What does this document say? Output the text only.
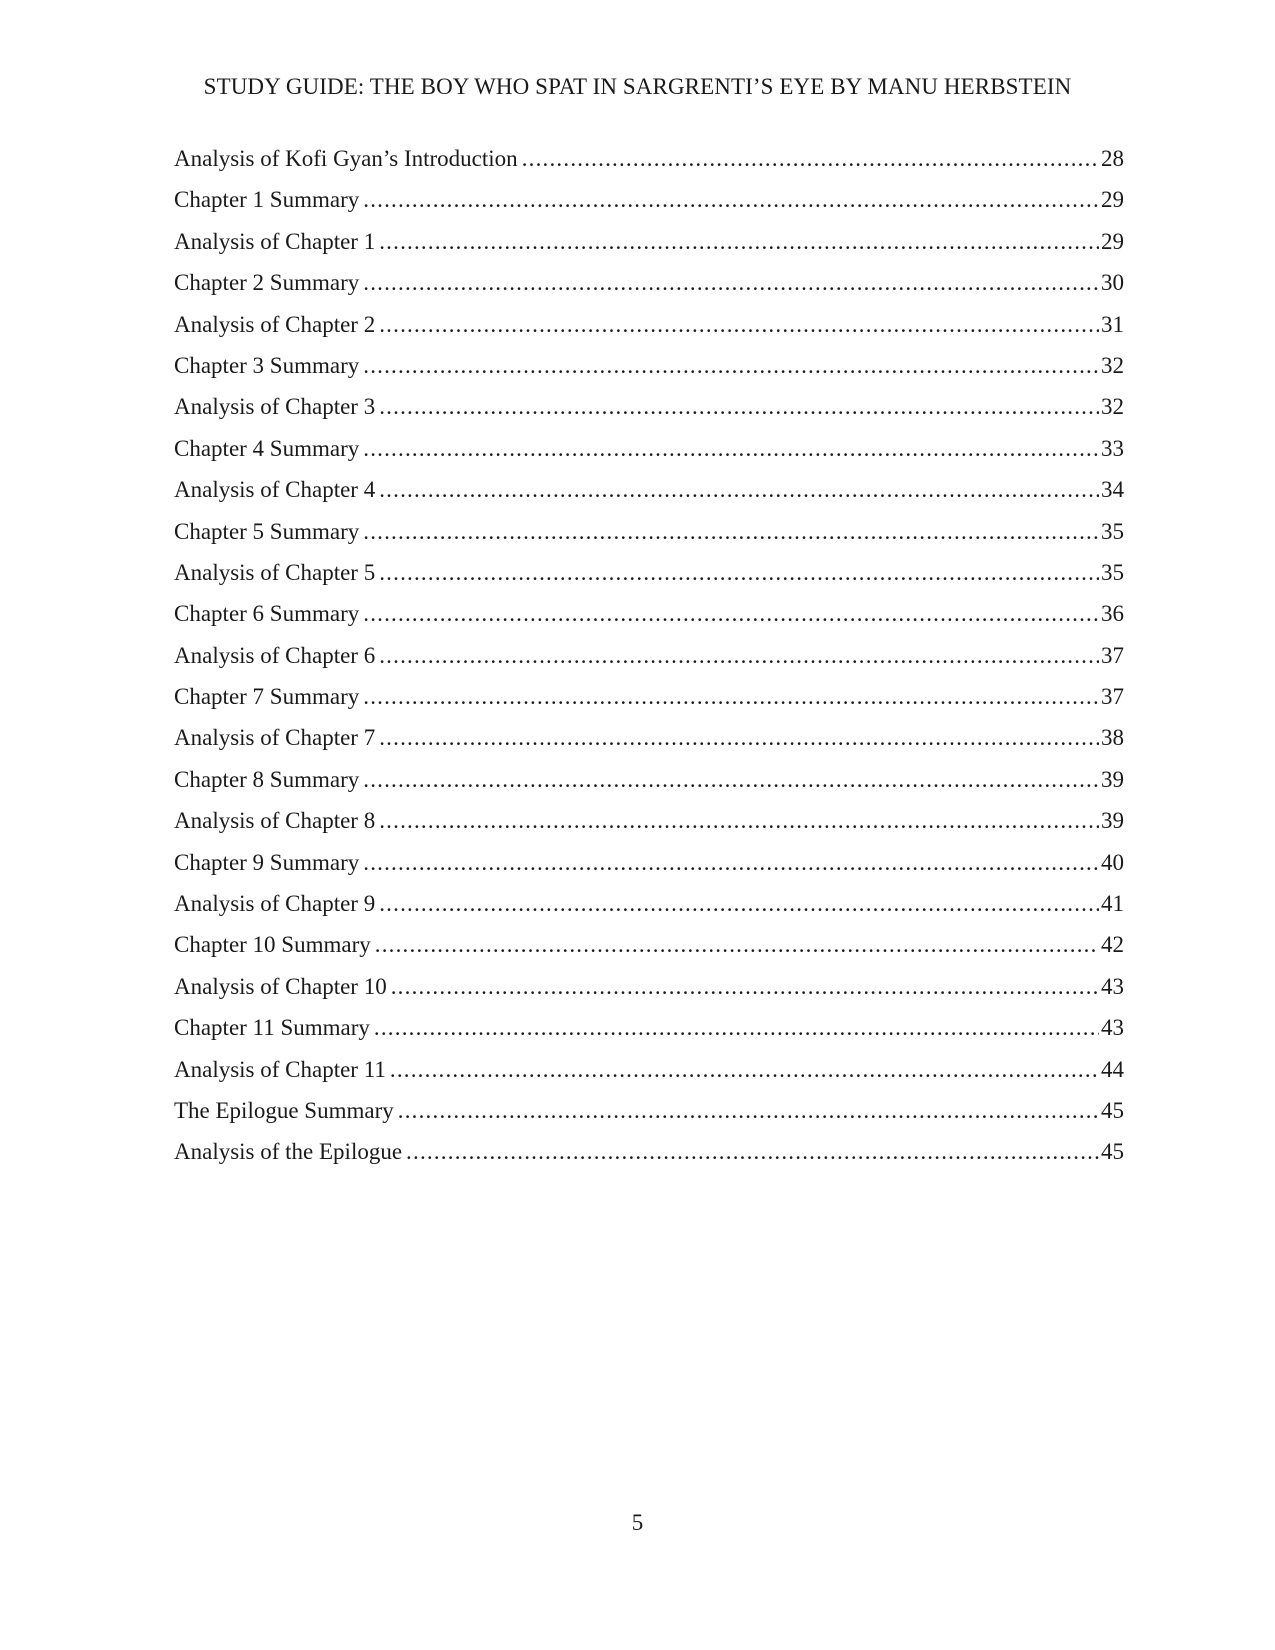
STUDY GUIDE: THE BOY WHO SPAT IN SARGRENTI’S EYE BY MANU HERBSTEIN
Analysis of Kofi Gyan’s Introduction .....	28
Chapter 1 Summary .....	29
Analysis of Chapter 1 .....	29
Chapter 2 Summary .....	30
Analysis of Chapter 2 .....	31
Chapter 3 Summary .....	32
Analysis of Chapter 3 .....	32
Chapter 4 Summary .....	33
Analysis of Chapter 4 .....	34
Chapter 5 Summary .....	35
Analysis of Chapter 5 .....	35
Chapter 6 Summary .....	36
Analysis of Chapter 6 .....	37
Chapter 7 Summary .....	37
Analysis of Chapter 7 .....	38
Chapter 8 Summary .....	39
Analysis of Chapter 8 .....	39
Chapter 9 Summary .....	40
Analysis of Chapter 9 .....	41
Chapter 10 Summary .....	42
Analysis of Chapter 10 .....	43
Chapter 11 Summary .....	43
Analysis of Chapter 11 .....	44
The Epilogue Summary .....	45
Analysis of the Epilogue .....	45
5
